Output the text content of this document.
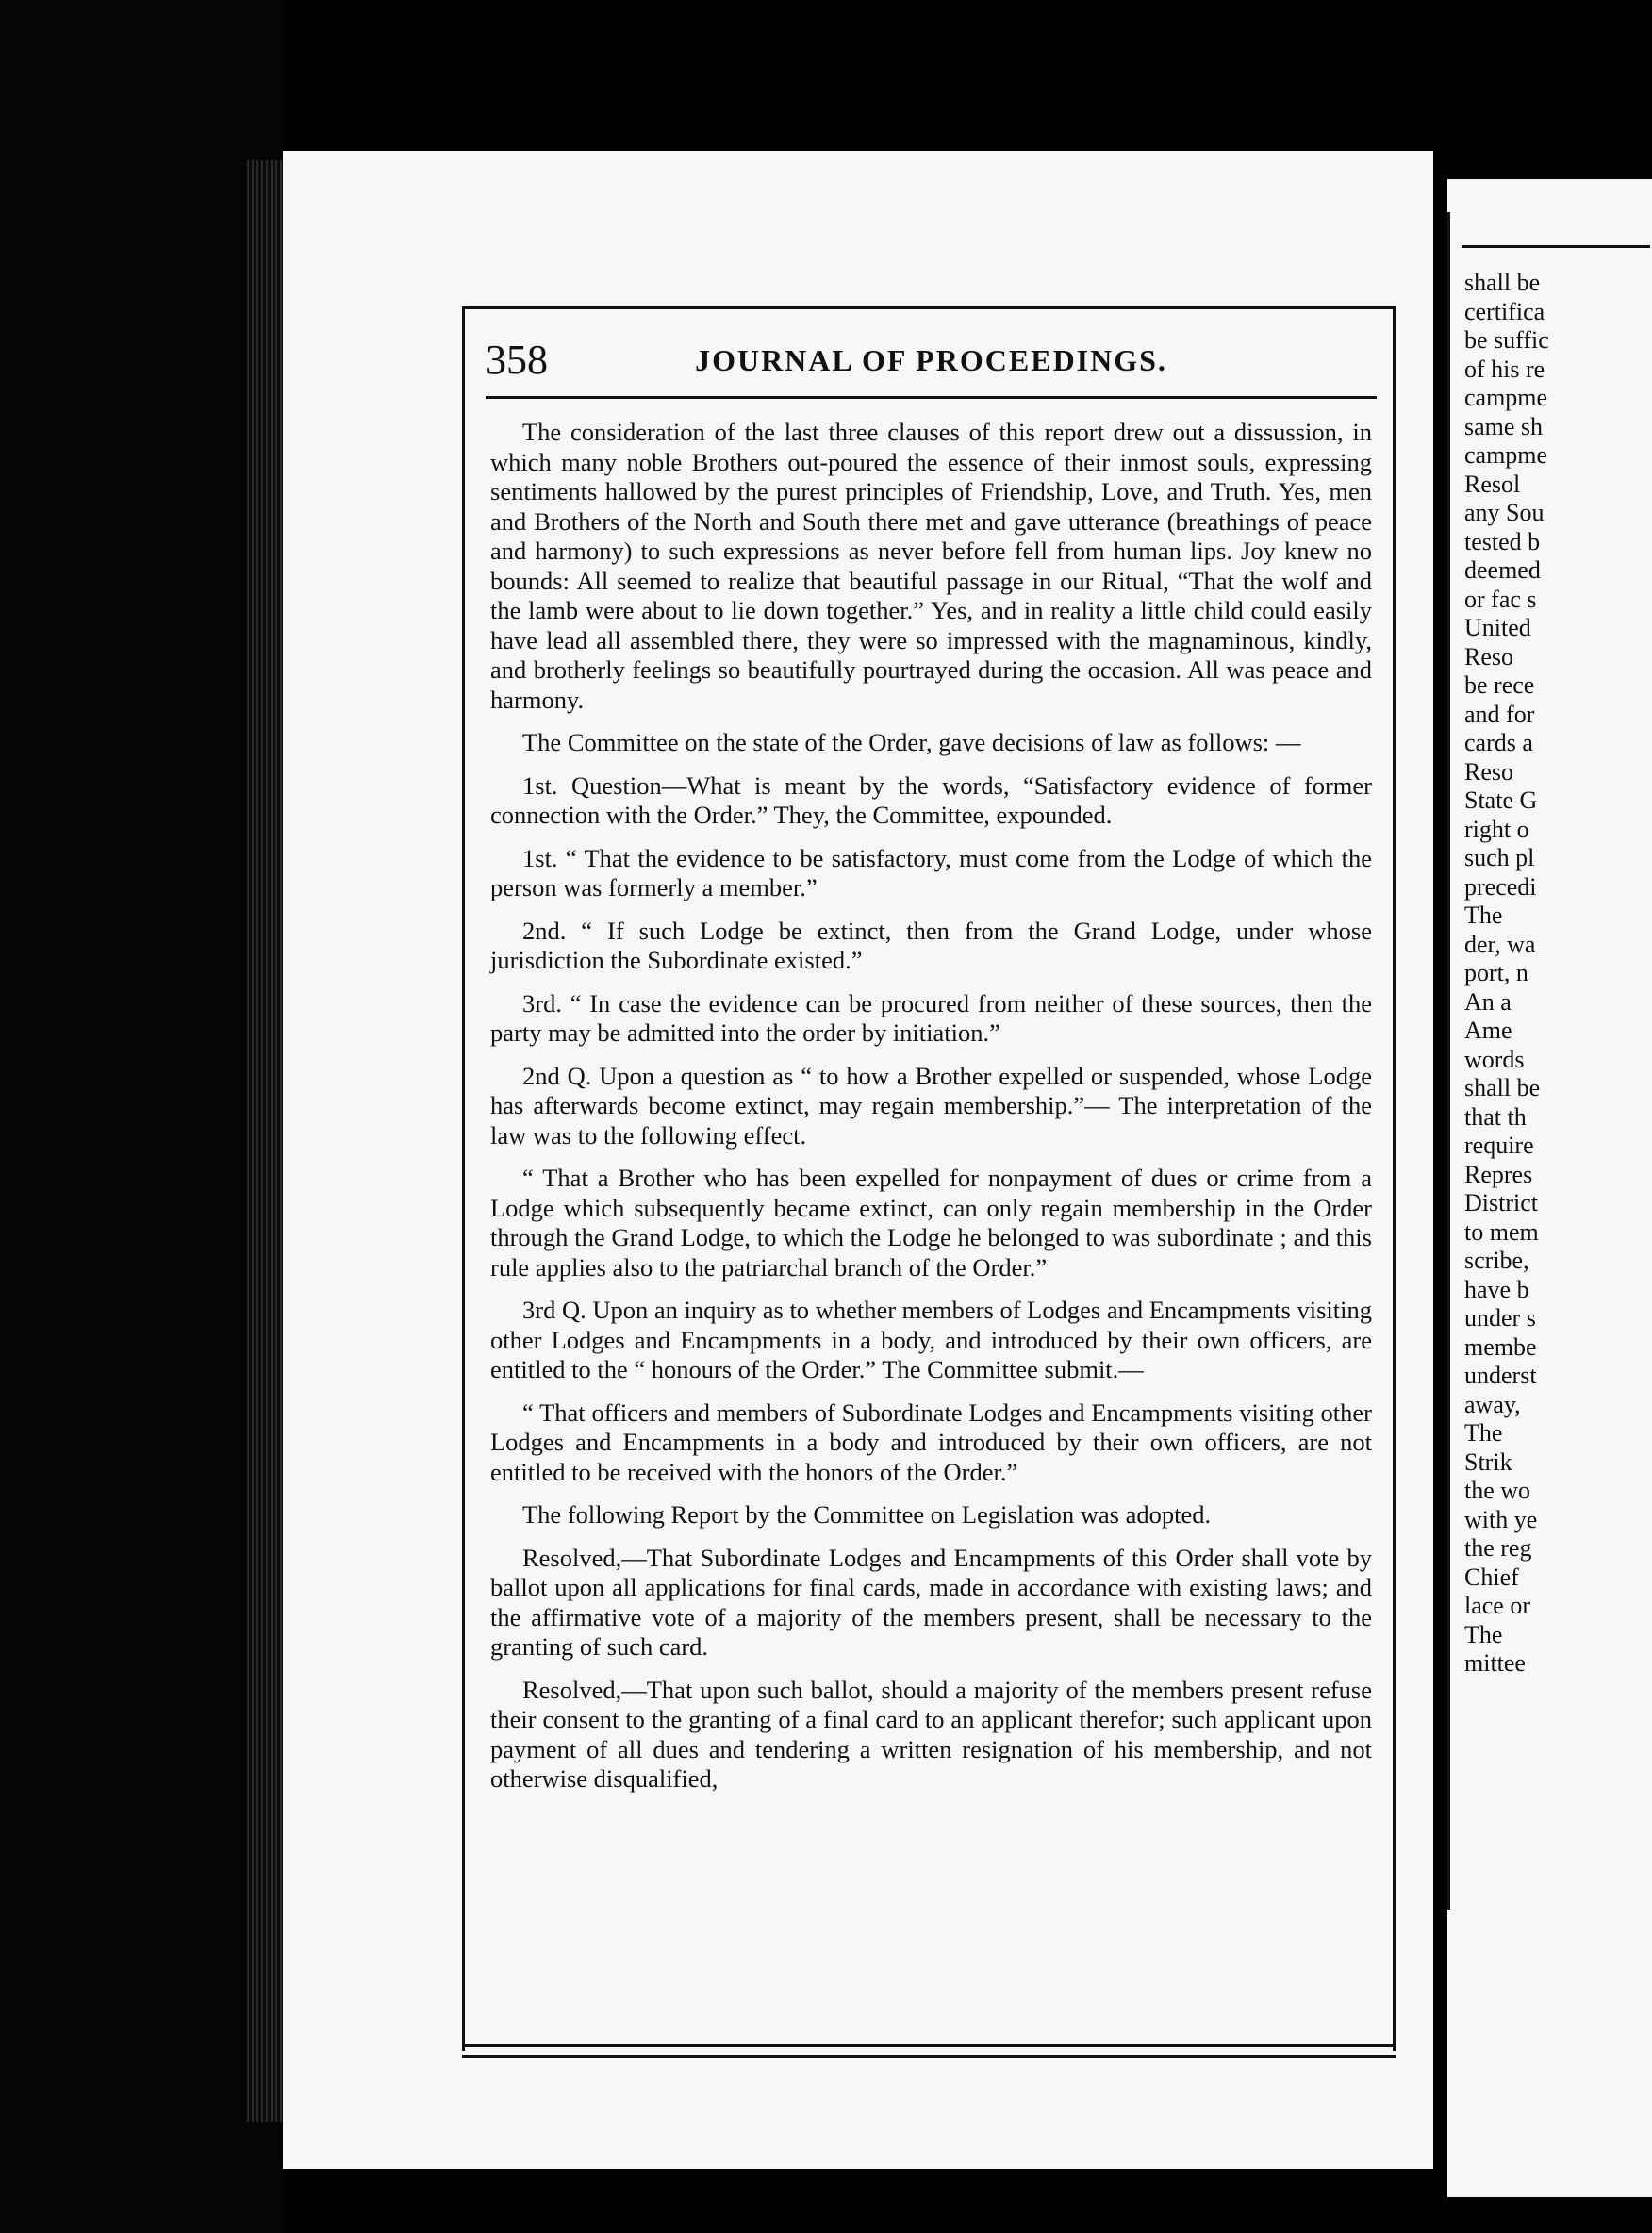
358	JOURNAL OF PROCEEDINGS.

The consideration of the last three clauses of this report drew out a dissussion, in which many noble Brothers out-poured the essence of their inmost souls, expressing sentiments hallowed by the purest principles of Friendship, Love, and Truth. Yes, men and Brothers of the North and South there met and gave utterance (breathings of peace and harmony) to such expressions as never before fell from human lips. Joy knew no bounds: All seemed to realize that beautiful passage in our Ritual, “That the wolf and the lamb were about to lie down together.” Yes, and in reality a little child could easily have lead all assembled there, they were so impressed with the magnaminous, kindly, and brotherly feelings so beautifully pourtrayed during the occasion. All was peace and harmony.

The Committee on the state of the Order, gave decisions of law as follows: —

1st. Question—What is meant by the words, “Satisfactory evidence of former connection with the Order.” They, the Committee, expounded.

1st. “ That the evidence to be satisfactory, must come from the Lodge of which the person was formerly a member.”

2nd. “ If such Lodge be extinct, then from the Grand Lodge, under whose jurisdiction the Subordinate existed.”

3rd. “ In case the evidence can be procured from neither of these sources, then the party may be admitted into the order by initiation.”

2nd Q. Upon a question as “ to how a Brother expelled or suspended, whose Lodge has afterwards become extinct, may regain membership.”— The interpretation of the law was to the following effect.

“ That a Brother who has been expelled for nonpayment of dues or crime from a Lodge which subsequently became extinct, can only regain membership in the Order through the Grand Lodge, to which the Lodge he belonged to was subordinate ; and this rule applies also to the patriarchal branch of the Order.”

3rd Q. Upon an inquiry as to whether members of Lodges and Encampments visiting other Lodges and Encampments in a body, and introduced by their own officers, are entitled to the “ honours of the Order.” The Committee submit.—

“ That officers and members of Subordinate Lodges and Encampments visiting other Lodges and Encampments in a body and introduced by their own officers, are not entitled to be received with the honors of the Order.”

The following Report by the Committee on Legislation was adopted.

Resolved,—That Subordinate Lodges and Encampments of this Order shall vote by ballot upon all applications for final cards, made in accordance with existing laws; and the affirmative vote of a majority of the members present, shall be necessary to the granting of such card.

Resolved,—That upon such ballot, should a majority of the members present refuse their consent to the granting of a final card to an applicant therefor; such applicant upon payment of all dues and tendering a written resignation of his membership, and not otherwise disqualified,

shall be
certifica
be suffic
of his re
campme
same sh
campme
Resol
any Sou
tested b
deemed
or fac s
United
Reso
be rece
and for
cards a
Reso
State G
right o
such pl
precedi
The
der, wa
port, n
An a
Ame
words
shall be
that th
require
Repres
District
to mem
scribe,
have b
under s
membe
underst
away,
The
Strik
the wo
with ye
the reg
Chief
lace or
The
mittee
